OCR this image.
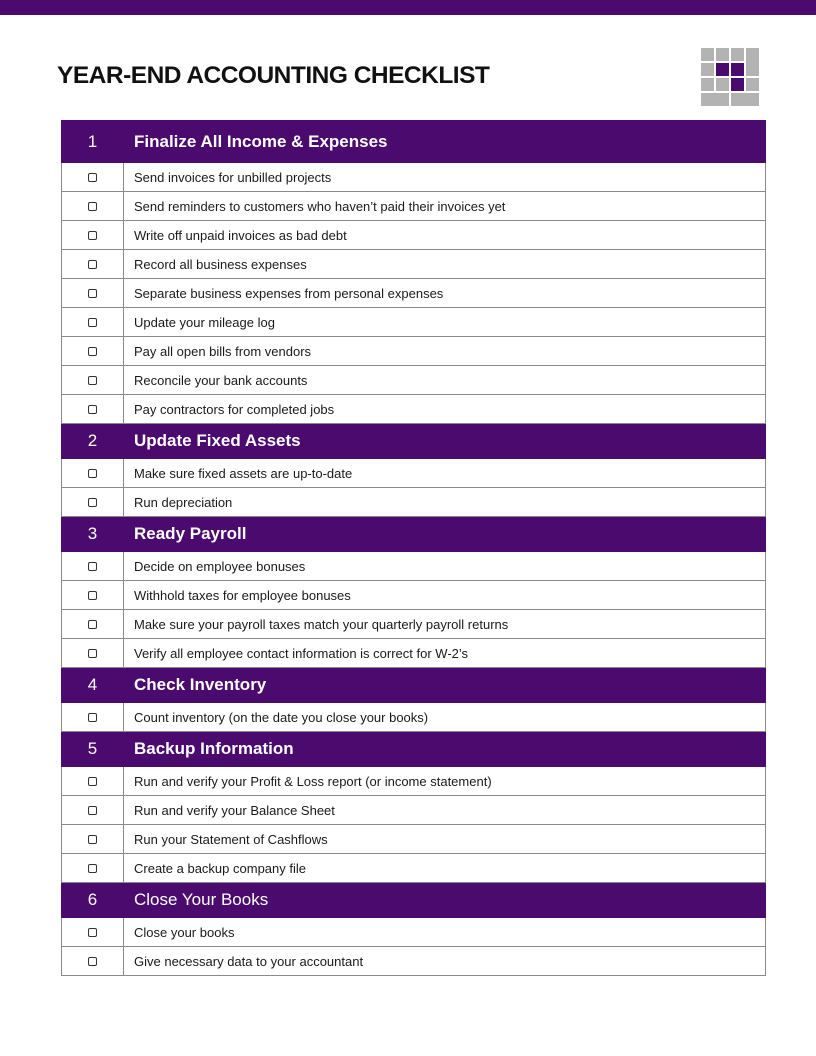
YEAR-END ACCOUNTING CHECKLIST
1	Finalize All Income & Expenses
	Send invoices for unbilled projects
	Send reminders to customers who haven’t paid their invoices yet
	Write off unpaid invoices as bad debt
	Record all business expenses
	Separate business expenses from personal expenses
	Update your mileage log
	Pay all open bills from vendors
	Reconcile your bank accounts
	Pay contractors for completed jobs
2	Update Fixed Assets
	Make sure fixed assets are up-to-date
	Run depreciation
3	Ready Payroll
	Decide on employee bonuses
	Withhold taxes for employee bonuses
	Make sure your payroll taxes match your quarterly payroll returns
	Verify all employee contact information is correct for W-2’s
4	Check Inventory
	Count inventory (on the date you close your books)
5	Backup Information
	Run and verify your Profit & Loss report (or income statement)
	Run and verify your Balance Sheet
	Run your Statement of Cashflows
	Create a backup company file
6	Close Your Books
	Close your books
	Give necessary data to your accountant
